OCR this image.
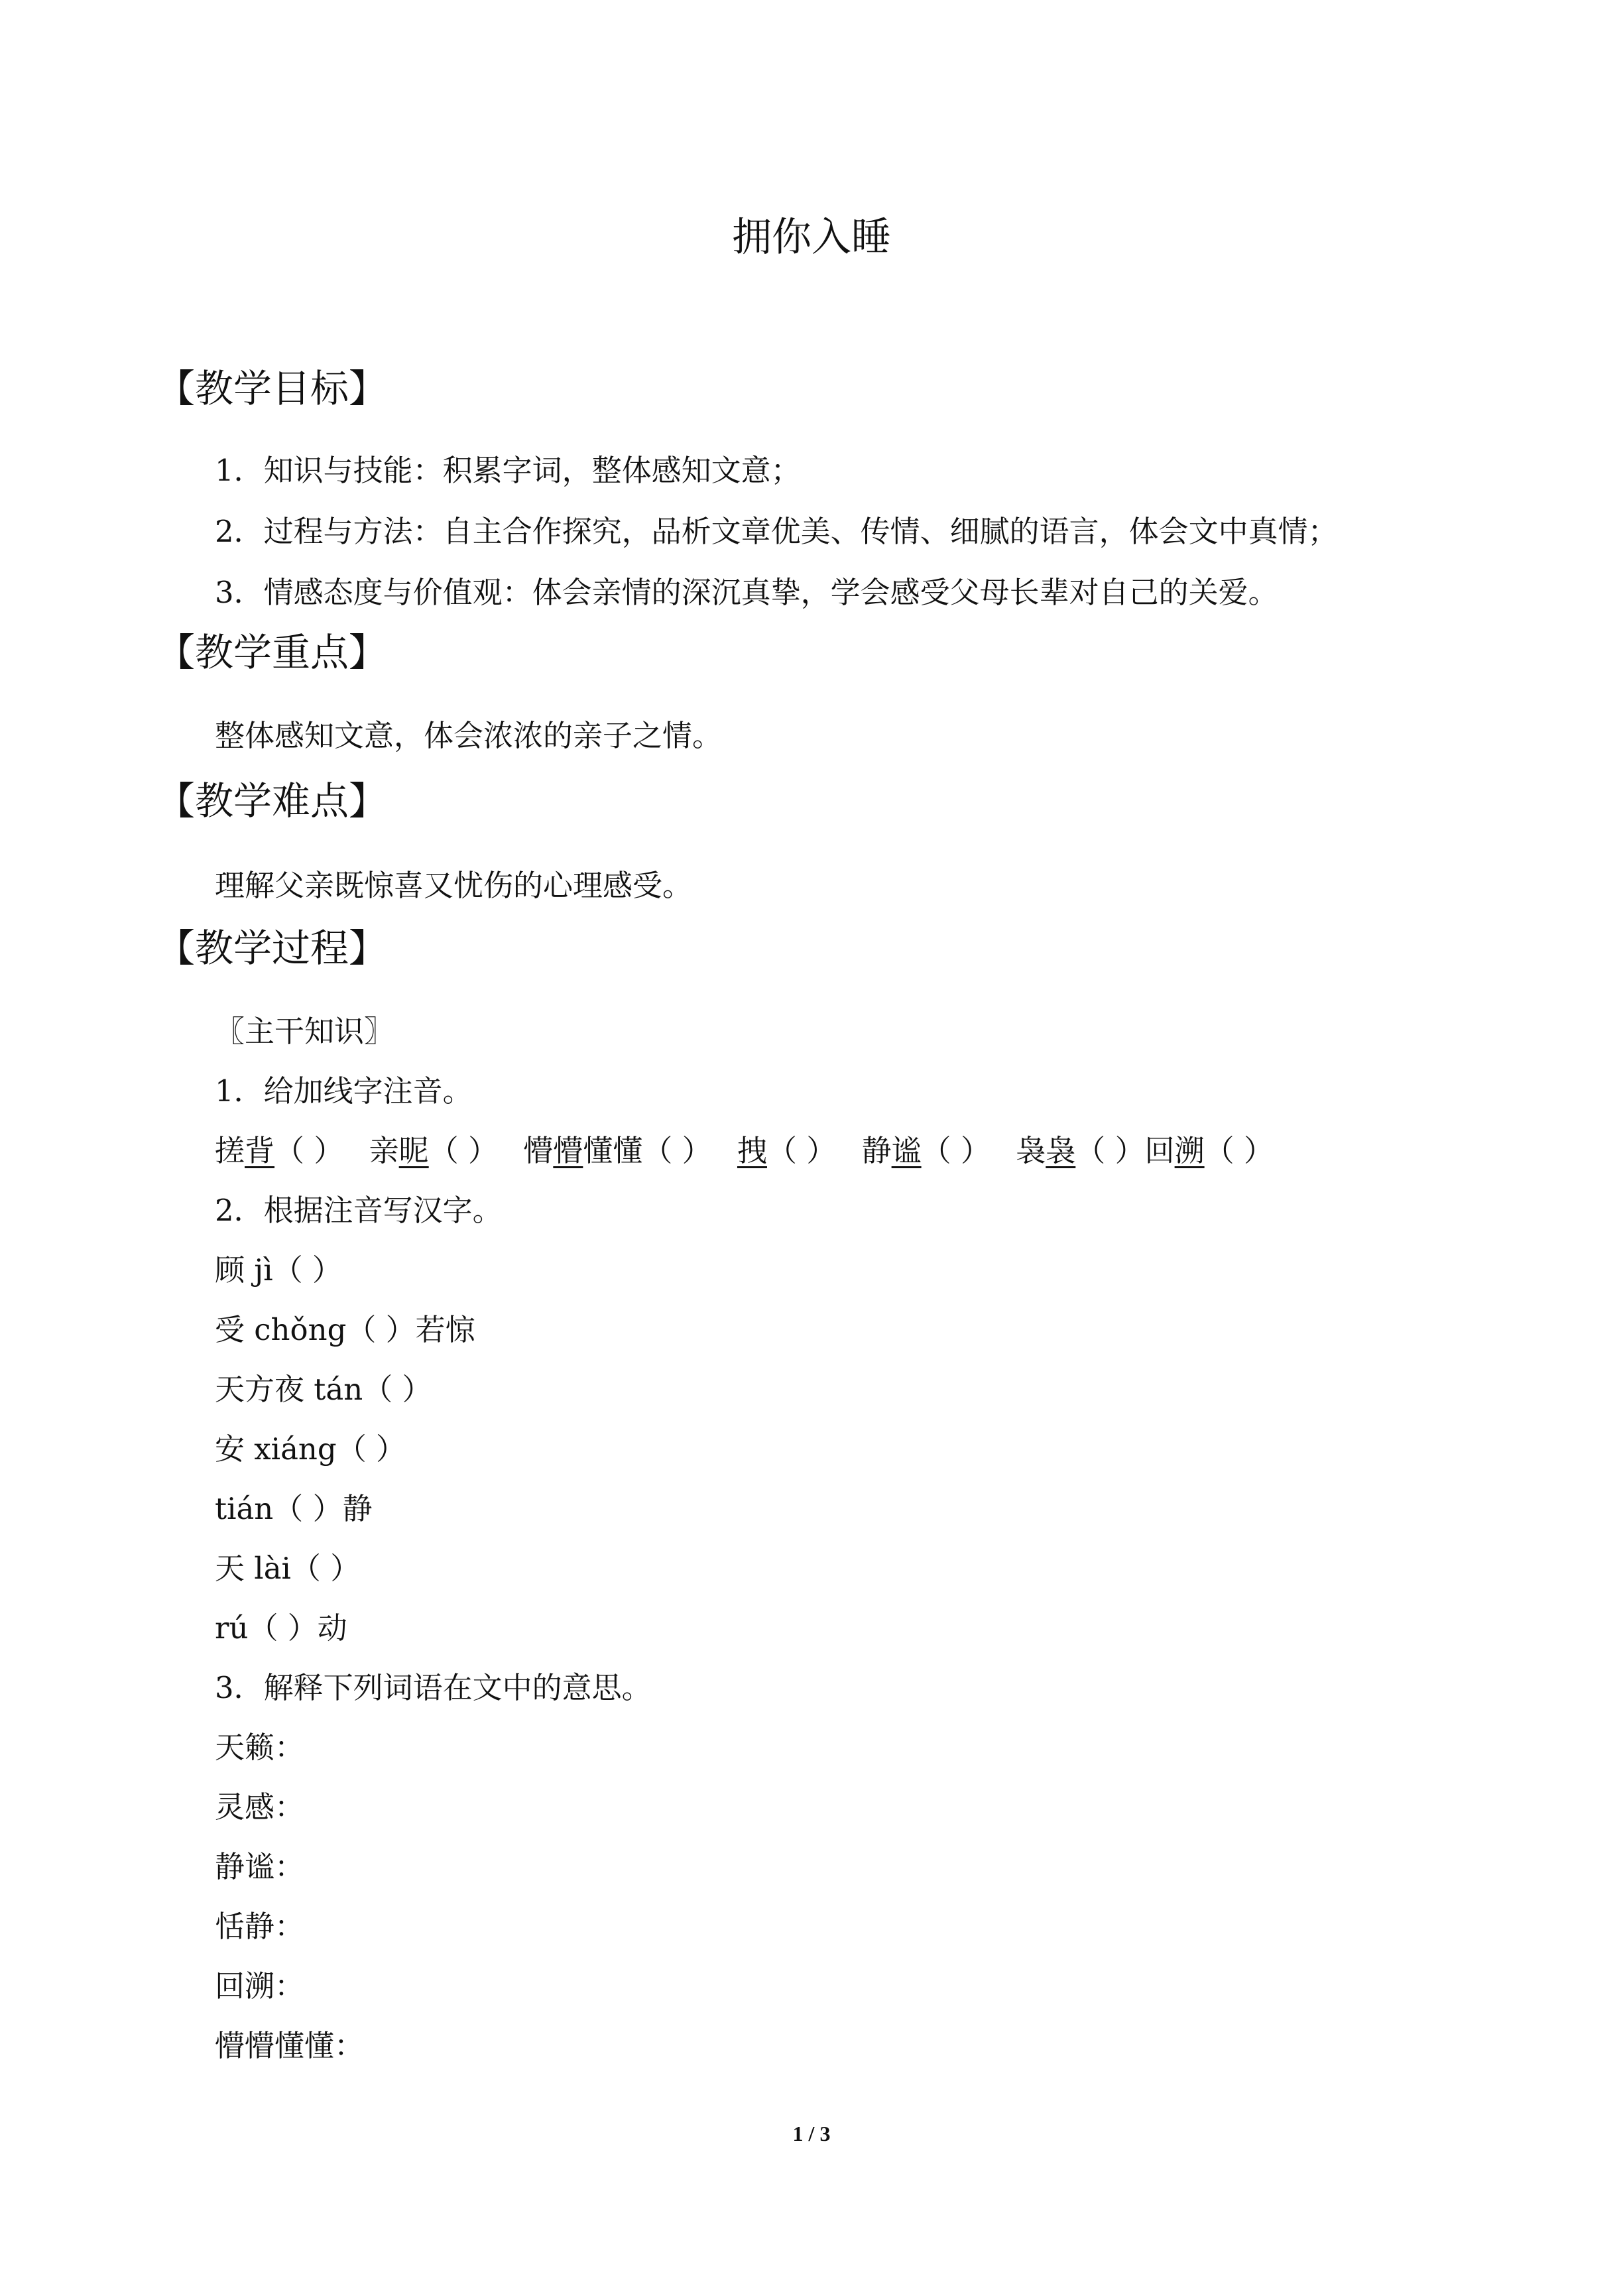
拥你入睡
【教学目标】
1．知识与技能：积累字词，整体感知文意；
2．过程与方法：自主合作探究，品析文章优美、传情、细腻的语言，体会文中真情；
3．情感态度与价值观：体会亲情的深沉真挚，学会感受父母长辈对自己的关爱。
【教学重点】
整体感知文意，体会浓浓的亲子之情。
【教学难点】
理解父亲既惊喜又忧伤的心理感受。
【教学过程】
〖主干知识〗
1．给加线字注音。
搓背（ ） 亲昵（ ） 懵懵懂懂（ ） 拽（ ） 静谧（ ） 袅袅（ ）回溯（ ）
2．根据注音写汉字。
顾 jì（ ）
受 chǒng（ ）若惊
天方夜 tán（ ）
安 xiáng（ ）
tián（ ）静
天 lài（ ）
rú（ ）动
3．解释下列词语在文中的意思。
天籁：
灵感：
静谧：
恬静：
回溯：
懵懵懂懂：
1 / 3
